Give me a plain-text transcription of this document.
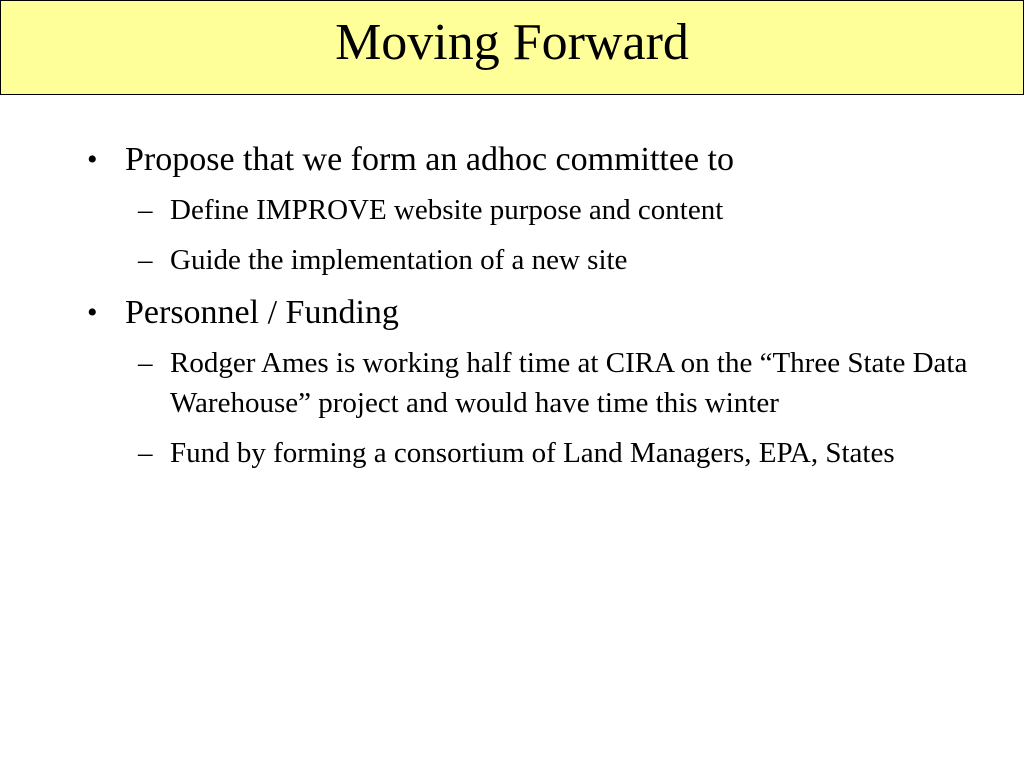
Moving Forward
• Propose that we form an adhoc committee to
– Define IMPROVE website purpose and content
– Guide the implementation of a new site
• Personnel / Funding
– Rodger Ames is working half time at CIRA on the “Three State Data Warehouse” project and would have time this winter
– Fund by forming a consortium of Land Managers, EPA, States
